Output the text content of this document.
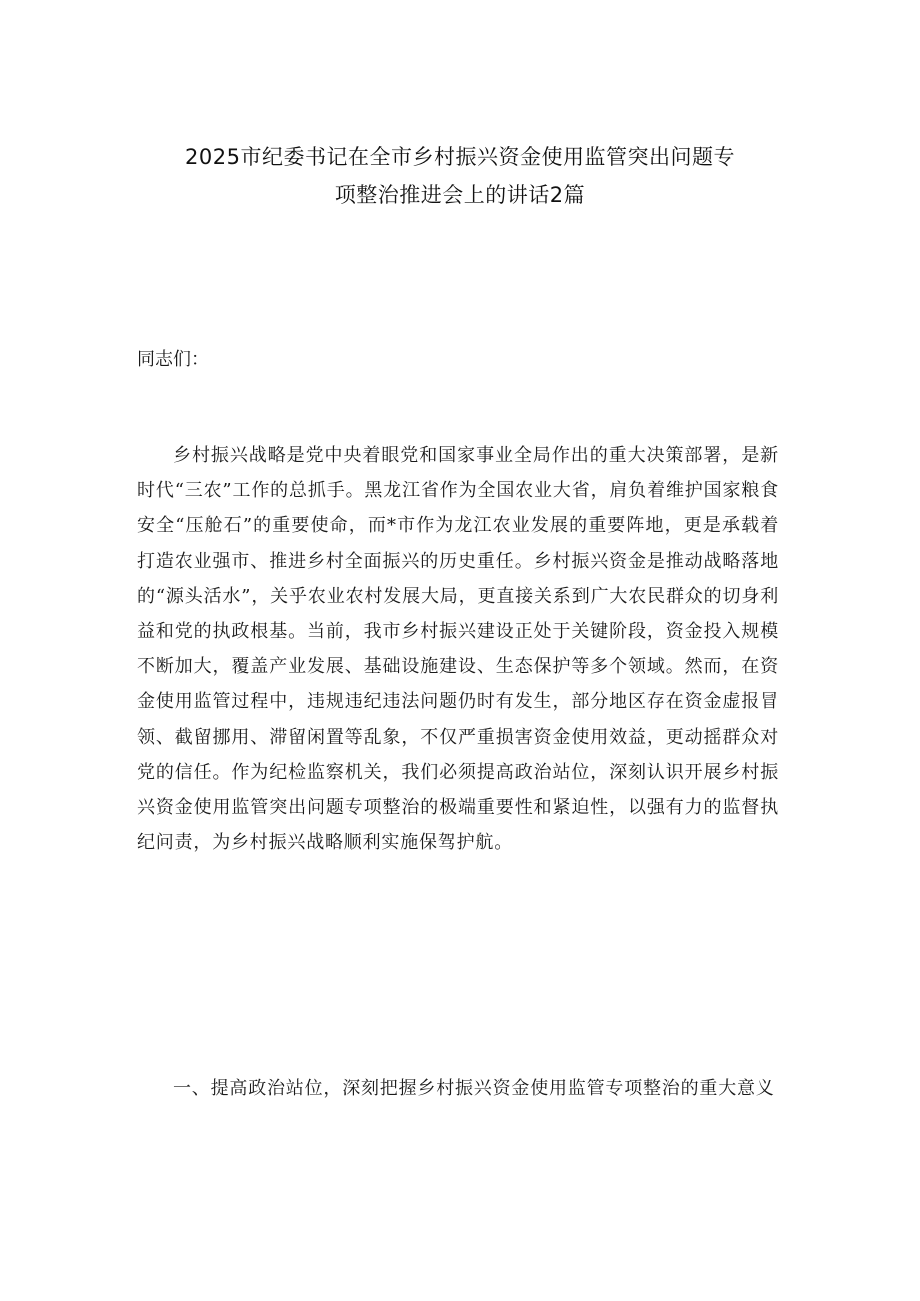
2025市纪委书记在全市乡村振兴资金使用监管突出问题专
项整治推进会上的讲话2篇

同志们：

乡村振兴战略是党中央着眼党和国家事业全局作出的重大决策部署，是新时代“三农”工作的总抓手。黑龙江省作为全国农业大省，肩负着维护国家粮食安全“压舱石”的重要使命，而*市作为龙江农业发展的重要阵地，更是承载着打造农业强市、推进乡村全面振兴的历史重任。乡村振兴资金是推动战略落地的“源头活水”，关乎农业农村发展大局，更直接关系到广大农民群众的切身利益和党的执政根基。当前，我市乡村振兴建设正处于关键阶段，资金投入规模不断加大，覆盖产业发展、基础设施建设、生态保护等多个领域。然而，在资金使用监管过程中，违规违纪违法问题仍时有发生，部分地区存在资金虚报冒领、截留挪用、滞留闲置等乱象，不仅严重损害资金使用效益，更动摇群众对党的信任。作为纪检监察机关，我们必须提高政治站位，深刻认识开展乡村振兴资金使用监管突出问题专项整治的极端重要性和紧迫性，以强有力的监督执纪问责，为乡村振兴战略顺利实施保驾护航。

一、提高政治站位，深刻把握乡村振兴资金使用监管专项整治的重大意义
